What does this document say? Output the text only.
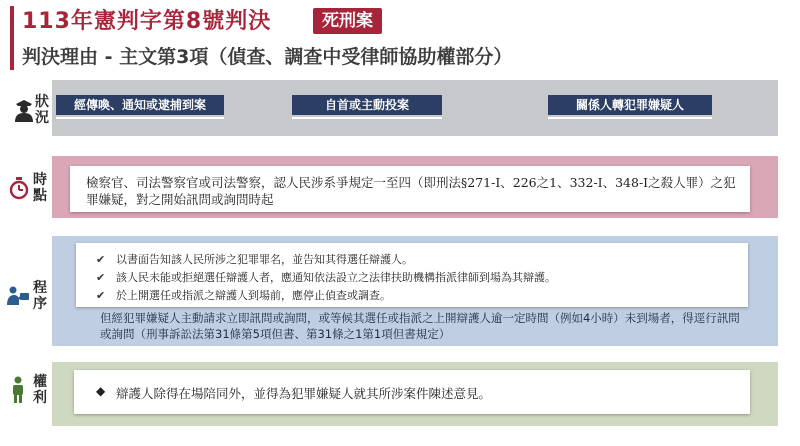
113年憲判字第8號判決	死刑案
判決理由 - 主文第3項（偵查、調查中受律師協助權部分）
狀況
經傳喚、通知或逮捕到案	自首或主動投案	關係人轉犯罪嫌疑人
時點

檢察官、司法警察官或司法警察，認人民涉系爭規定一至四（即刑法§271-I、226之1、332-I、348-I之殺人罪）之犯罪嫌疑，對之開始訊問或詢問時起

程序
✔ 以書面告知該人民所涉之犯罪罪名，並告知其得選任辯護人。
✔ 該人民未能或拒絕選任辯護人者，應通知依法設立之法律扶助機構指派律師到場為其辯護。
✔ 於上開選任或指派之辯護人到場前，應停止偵查或調查。
但經犯罪嫌疑人主動請求立即訊問或詢問，或等候其選任或指派之上開辯護人逾一定時間（例如4小時）未到場者，得逕行訊問或詢問（刑事訴訟法第31條第5項但書、第31條之1第1項但書規定）
權利	◆ 辯護人除得在場陪同外，並得為犯罪嫌疑人就其所涉案件陳述意見。
